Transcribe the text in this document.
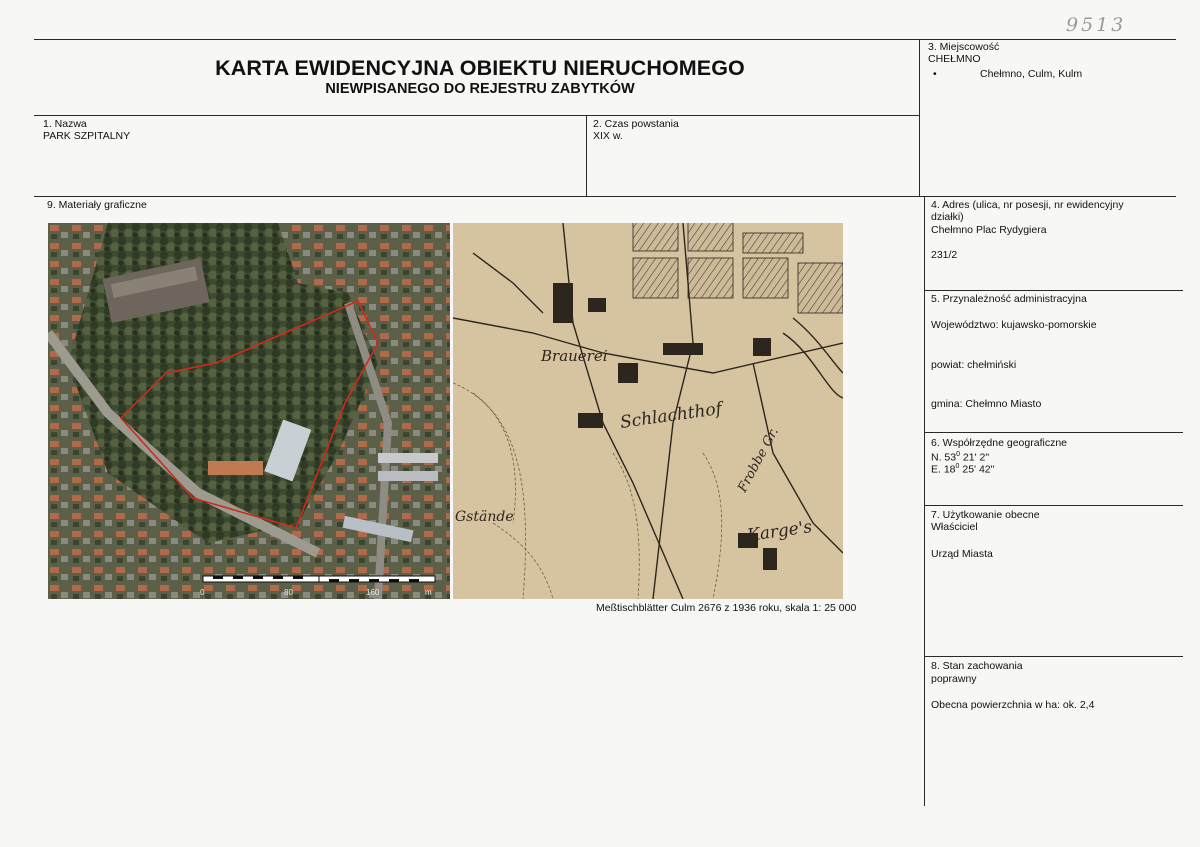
9513
KARTA EWIDENCYJNA OBIEKTU NIERUCHOMEGO
NIEWPISANEGO DO REJESTRU ZABYTKÓW
3. Miejscowość
CHEŁMNO
• Chełmno, Culm, Kulm
1. Nazwa
PARK SZPITALNY
2. Czas powstania
XIX w.
9. Materiały graficzne
0	80	160	m
Brauerei
Schlachthof
Frobbe Gr.
Karge's
Gstände
Meßtischblätter Culm 2676 z 1936 roku, skala 1: 25 000
4. Adres (ulica, nr posesji, nr ewidencyjny
działki)
Chełmno Plac Rydygiera
231/2
5. Przynależność administracyjna
Województwo: kujawsko-pomorskie
powiat: chełmiński
gmina: Chełmno Miasto
6. Współrzędne geograficzne
N. $53^0$ 21' 2"
E. $18^0$ 25' 42"
7. Użytkowanie obecne
Właściciel
Urząd Miasta
8. Stan zachowania
poprawny
Obecna powierzchnia w ha: ok. 2,4
